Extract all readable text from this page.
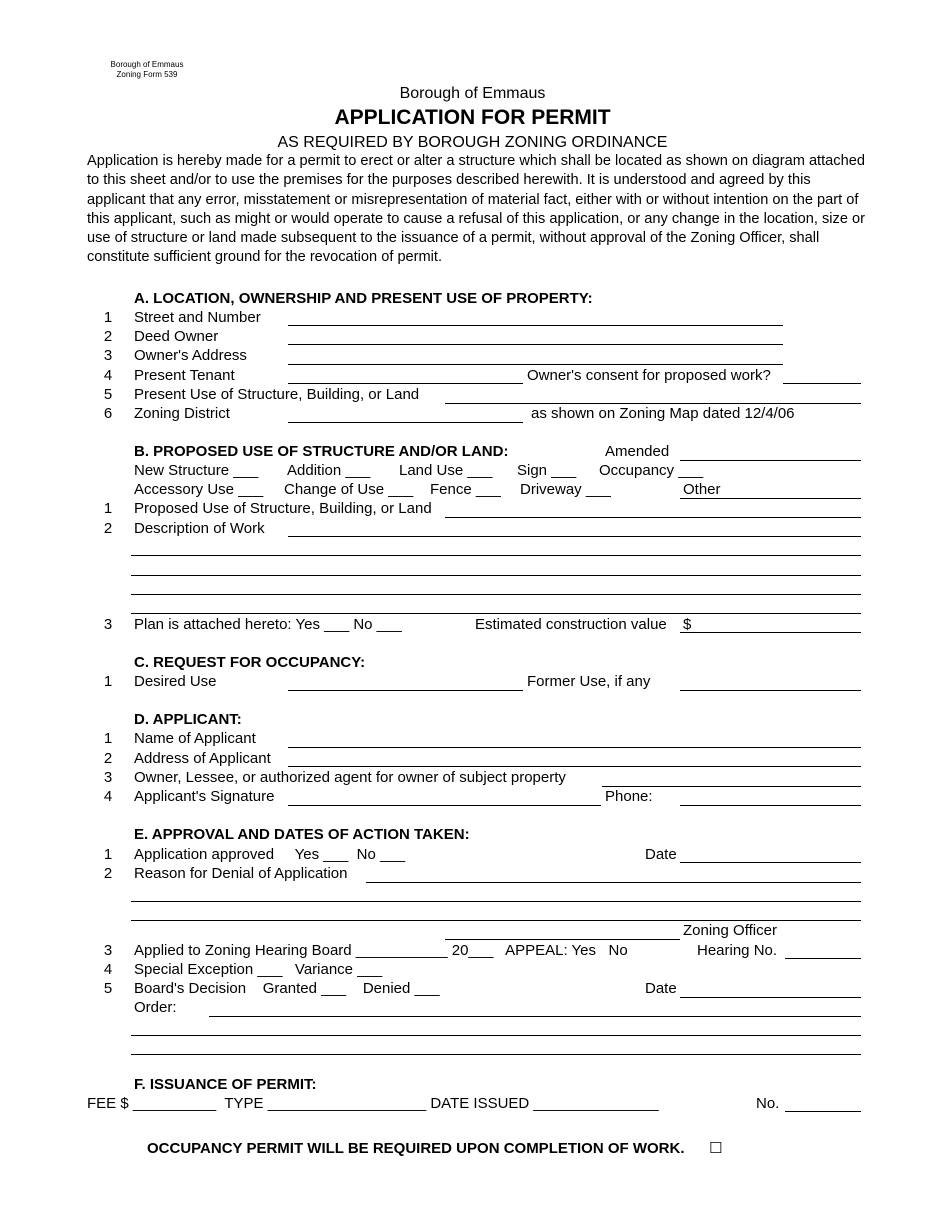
Borough of Emmaus
Zoning Form 539
Borough of Emmaus
APPLICATION FOR PERMIT
AS REQUIRED BY BOROUGH ZONING ORDINANCE
Application is hereby made for a permit to erect or alter a structure which shall be located as shown on diagram attached to this sheet and/or to use the premises for the purposes described herewith. It is understood and agreed by this applicant that any error, misstatement or misrepresentation of material fact, either with or without intention on the part of this applicant, such as might or would operate to cause a refusal of this application, or any change in the location, size or use of structure or land made subsequent to the issuance of a permit, without approval of the Zoning Officer, shall constitute sufficient ground for the revocation of permit.
A. LOCATION, OWNERSHIP AND PRESENT USE OF PROPERTY:
1	Street and Number
2	Deed Owner
3	Owner's Address
4	Present Tenant	Owner's consent for proposed work?
5	Present Use of Structure, Building, or Land
6	Zoning District	as shown on Zoning Map dated 12/4/06
B. PROPOSED USE OF STRUCTURE AND/OR LAND:	Amended
New Structure ___ Addition ___ Land Use ___ Sign ___ Occupancy ___
Accessory Use ___ Change of Use ___ Fence ___ Driveway ___	Other
1	Proposed Use of Structure, Building, or Land
2	Description of Work
3	Plan is attached hereto: Yes ___ No ___	Estimated construction value $
C. REQUEST FOR OCCUPANCY:
1	Desired Use	Former Use, if any
D. APPLICANT:
1	Name of Applicant
2	Address of Applicant
3	Owner, Lessee, or authorized agent for owner of subject property
4	Applicant's Signature	Phone:
E. APPROVAL AND DATES OF ACTION TAKEN:
1	Application approved     Yes ___  No ___	Date
2	Reason for Denial of Application
Zoning Officer
3	Applied to Zoning Hearing Board ___________ 20___   APPEAL: Yes   No	Hearing No.
4	Special Exception ___   Variance ___
5	Board's Decision    Granted ___    Denied ___	Date
Order:
F. ISSUANCE OF PERMIT:
FEE $ __________  TYPE ___________________ DATE ISSUED _______________	No.
OCCUPANCY PERMIT WILL BE REQUIRED UPON COMPLETION OF WORK. ☐
